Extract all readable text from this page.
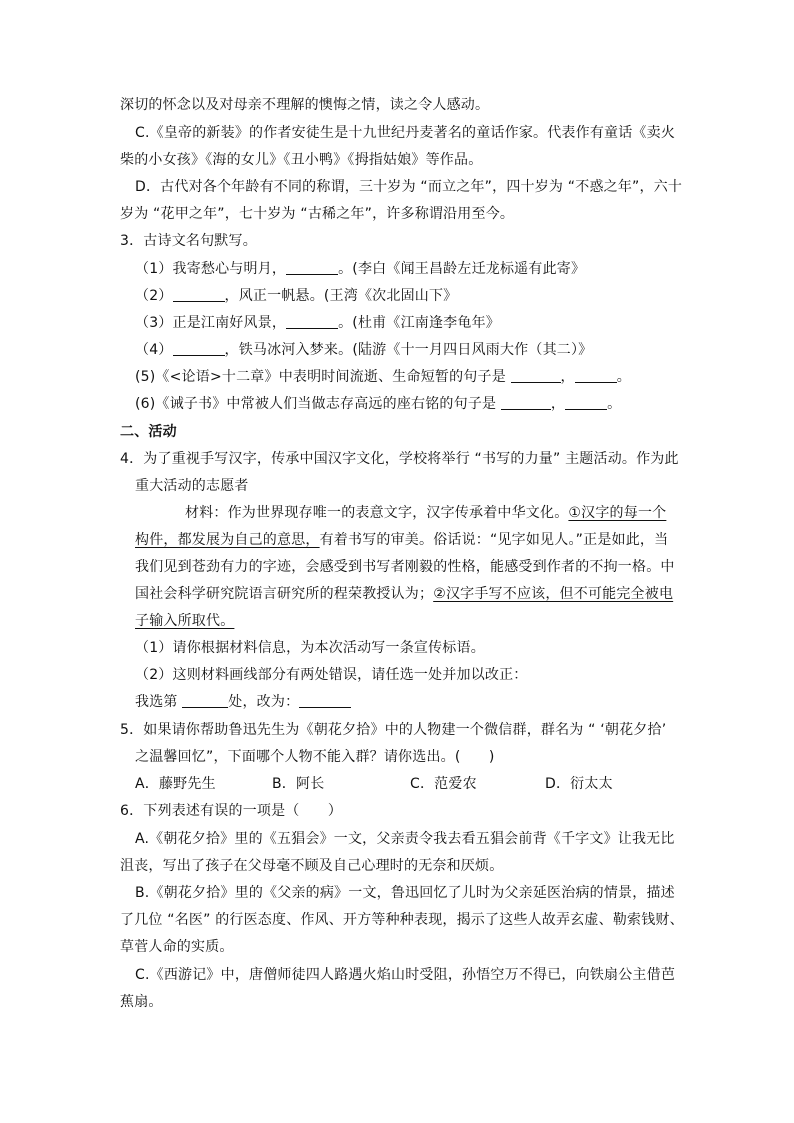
深切的怀念以及对母亲不理解的懊悔之情，读之令人感动。
C.《皇帝的新装》的作者安徒生是十九世纪丹麦著名的童话作家。代表作有童话《卖火
柴的小女孩》《海的女儿》《丑小鸭》《拇指姑娘》等作品。
D．古代对各个年龄有不同的称谓，三十岁为 “而立之年”，四十岁为 “不惑之年”，六十
岁为 “花甲之年”，七十岁为 “古稀之年”，许多称谓沿用至今。
3．古诗文名句默写。
（1）我寄愁心与明月，	。(李白《闻王昌龄左迁龙标遥有此寄》
（2）	，风正一帆悬。(王湾《次北固山下》
（3）正是江南好风景，	。(杜甫《江南逢李龟年》
（4）	，铁马冰河入梦来。(陆游《十一月四日风雨大作（其二）》
(5)《<论语>十二章》中表明时间流逝、生命短暂的句子是	，	。
(6)《诫子书》中常被人们当做志存高远的座右铭的句子是	，	。
二、活动
4．为了重视手写汉字，传承中国汉字文化，学校将举行 “书写的力量” 主题活动。作为此
重大活动的志愿者
材料：作为世界现存唯一的表意文字，汉字传承着中华文化。①汉字的每一个
构件，都发展为自己的意思，有着书写的审美。俗话说：“见字如见人。”正是如此，当
我们见到苍劲有力的字迹，会感受到书写者刚毅的性格，能感受到作者的不拘一格。中
国社会科学研究院语言研究所的程荣教授认为；②汉字手写不应该，但不可能完全被电
子输入所取代。
（1）请你根据材料信息，为本次活动写一条宣传标语。
（2）这则材料画线部分有两处错误，请任选一处并加以改正：
我选第	处，改为：
5．如果请你帮助鲁迅先生为《朝花夕拾》中的人物建一个微信群，群名为 “ ‘朝花夕拾’
之温馨回忆”，下面哪个人物不能入群？请你选出。(　　)
A．藤野先生	B．阿长	C．范爱农	D．衍太太
6．下列表述有误的一项是（　　）
A.《朝花夕拾》里的《五猖会》一文，父亲责令我去看五猖会前背《千字文》让我无比
沮丧，写出了孩子在父母毫不顾及自己心理时的无奈和厌烦。
B.《朝花夕拾》里的《父亲的病》一文，鲁迅回忆了儿时为父亲延医治病的情景，描述
了几位 “名医” 的行医态度、作风、开方等种种表现，揭示了这些人故弄玄虚、勒索钱财、
草菅人命的实质。
C.《西游记》中，唐僧师徒四人路遇火焰山时受阻，孙悟空万不得已，向铁扇公主借芭
蕉扇。
